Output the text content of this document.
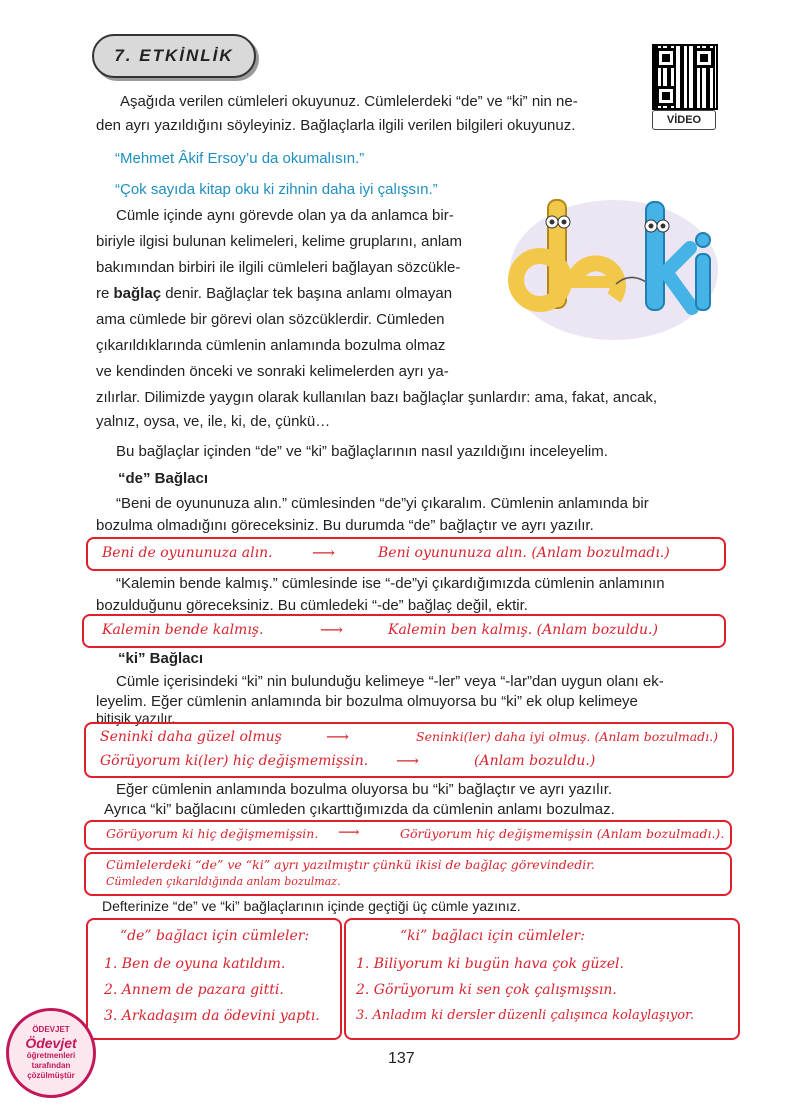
7. ETKİNLİK
VİDEO
Aşağıda verilen cümleleri okuyunuz. Cümlelerdeki “de” ve “ki” nin ne-
den ayrı yazıldığını söyleyiniz. Bağlaçlarla ilgili verilen bilgileri okuyunuz.
“Mehmet Âkif Ersoy’u da okumalısın.”
“Çok sayıda kitap oku ki zihnin daha iyi çalışsın.”
Cümle içinde aynı görevde olan ya da anlamca bir-
biriyle ilgisi bulunan kelimeleri, kelime gruplarını, anlam
bakımından birbiri ile ilgili cümleleri bağlayan sözcükle-
re bağlaç denir. Bağlaçlar tek başına anlamı olmayan
ama cümlede bir görevi olan sözcüklerdir. Cümleden
çıkarıldıklarında cümlenin anlamında bozulma olmaz
ve kendinden önceki ve sonraki kelimelerden ayrı ya-
zılırlar. Dilimizde yaygın olarak kullanılan bazı bağlaçlar şunlardır: ama, fakat, ancak,
yalnız, oysa, ve, ile, ki, de, çünkü…
Bu bağlaçlar içinden “de” ve “ki” bağlaçlarının nasıl yazıldığını inceleyelim.
“de” Bağlacı
“Beni de oyununuza alın.” cümlesinden “de”yi çıkaralım. Cümlenin anlamında bir
bozulma olmadığını göreceksiniz. Bu durumda “de” bağlaçtır ve ayrı yazılır.
Beni de oyununuza alın. ⟶	Beni oyununuza alın. (Anlam bozulmadı.)
“Kalemin bende kalmış.” cümlesinde ise “-de”yi çıkardığımızda cümlenin anlamının
bozulduğunu göreceksiniz. Bu cümledeki “-de” bağlaç değil, ektir.
Kalemin bende kalmış.	⟶	Kalemin ben kalmış. (Anlam bozuldu.)
“ki” Bağlacı
Cümle içerisindeki “ki” nin bulunduğu kelimeye “-ler” veya “-lar”dan uygun olanı ek-
leyelim. Eğer cümlenin anlamında bir bozulma olmuyorsa bu “ki” ek olup kelimeye
bitişik yazılır.
Seninki daha güzel olmuş	⟶	Seninki(ler) daha iyi olmuş. (Anlam bozulmadı.)
Görüyorum ki(ler) hiç değişmemişsin. ⟶	(Anlam bozuldu.)
Eğer cümlenin anlamında bozulma oluyorsa bu “ki” bağlaçtır ve ayrı yazılır.
Ayrıca “ki” bağlacını cümleden çıkarttığımızda da cümlenin anlamı bozulmaz.
Görüyorum ki hiç değişmemişsin. ⟶	Görüyorum hiç değişmemişsin (Anlam bozulmadı.).
Cümlelerdeki “de” ve “ki” ayrı yazılmıştır çünkü ikisi de bağlaç görevindedir.
Cümleden çıkarıldığında anlam bozulmaz.
Defterinize “de” ve “ki” bağlaçlarının içinde geçtiği üç cümle yazınız.
“de” bağlacı için cümleler:
1. Ben de oyuna katıldım.
2. Annem de pazara gitti.
3. Arkadaşım da ödevini yaptı.
“ki” bağlacı için cümleler:
1. Biliyorum ki bugün hava çok güzel.
2. Görüyorum ki sen çok çalışmışsın.
3. Anladım ki dersler düzenli çalışınca kolaylaşıyor.
ÖDEVJET
Ödevjet
öğretmenleri
tarafından
çözülmüştür
137
